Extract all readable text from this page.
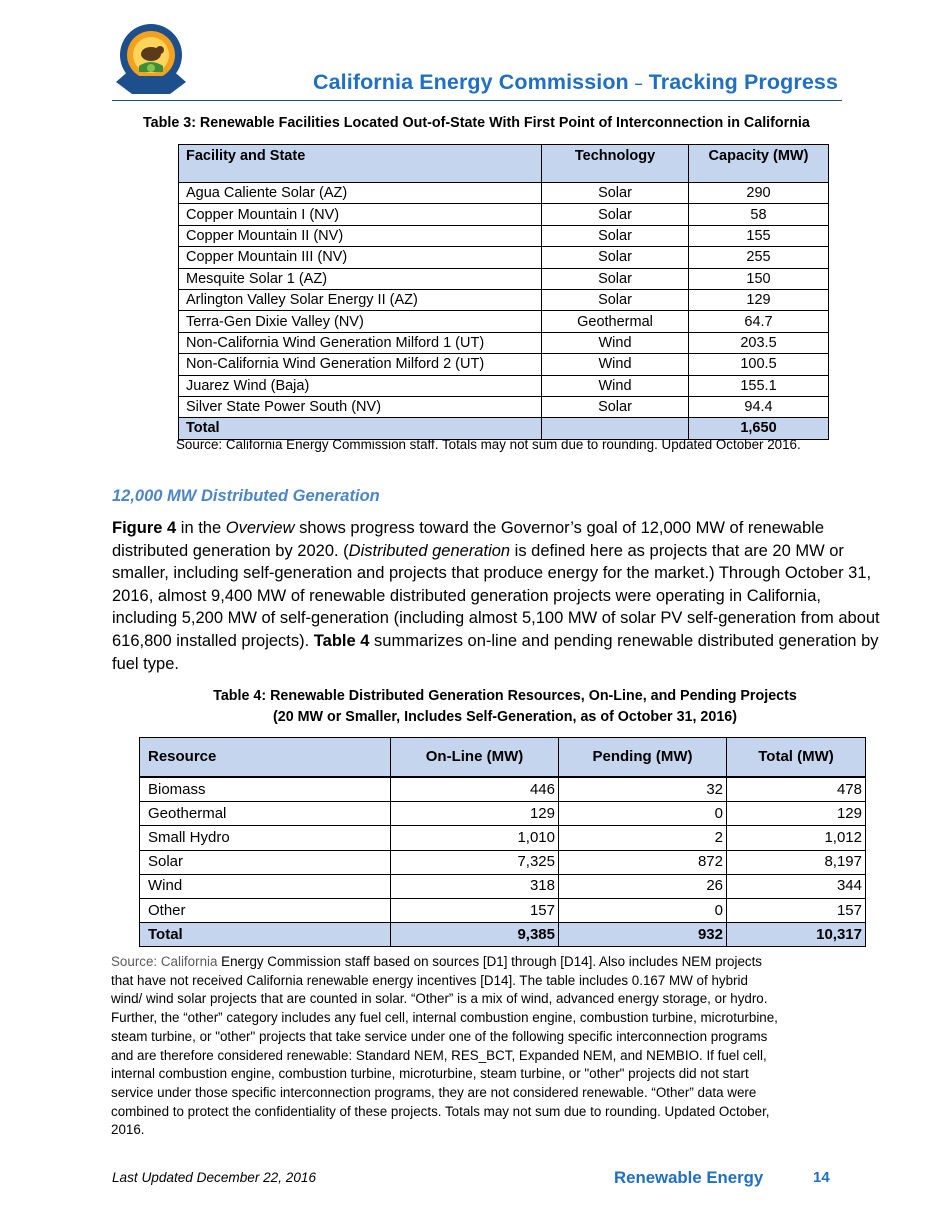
California Energy Commission – Tracking Progress
Table 3: Renewable Facilities Located Out-of-State With First Point of Interconnection in California
Facility and State	Technology	Capacity (MW)
Agua Caliente Solar (AZ)	Solar	290
Copper Mountain I (NV)	Solar	58
Copper Mountain II (NV)	Solar	155
Copper Mountain III (NV)	Solar	255
Mesquite Solar 1 (AZ)	Solar	150
Arlington Valley Solar Energy II (AZ)	Solar	129
Terra-Gen Dixie Valley (NV)	Geothermal	64.7
Non-California Wind Generation Milford 1 (UT)	Wind	203.5
Non-California Wind Generation Milford 2 (UT)	Wind	100.5
Juarez Wind (Baja)	Wind	155.1
Silver State Power South (NV)	Solar	94.4
Total		1,650
Source: California Energy Commission staff. Totals may not sum due to rounding. Updated October 2016.
12,000 MW Distributed Generation
Figure 4 in the Overview shows progress toward the Governor’s goal of 12,000 MW of renewable distributed generation by 2020. (Distributed generation is defined here as projects that are 20 MW or smaller, including self-generation and projects that produce energy for the market.) Through October 31, 2016, almost 9,400 MW of renewable distributed generation projects were operating in California, including 5,200 MW of self-generation (including almost 5,100 MW of solar PV self-generation from about 616,800 installed projects). Table 4 summarizes on-line and pending renewable distributed generation by fuel type.
Table 4: Renewable Distributed Generation Resources, On-Line, and Pending Projects
(20 MW or Smaller, Includes Self-Generation, as of October 31, 2016)
Resource	On-Line (MW)	Pending (MW)	Total (MW)
Biomass	446	32	478
Geothermal	129	0	129
Small Hydro	1,010	2	1,012
Solar	7,325	872	8,197
Wind	318	26	344
Other	157	0	157
Total	9,385	932	10,317
Source: California Energy Commission staff based on sources [D1] through [D14]. Also includes NEM projects that have not received California renewable energy incentives [D14]. The table includes 0.167 MW of hybrid wind/ wind solar projects that are counted in solar. “Other” is a mix of wind, advanced energy storage, or hydro. Further, the “other” category includes any fuel cell, internal combustion engine, combustion turbine, microturbine, steam turbine, or "other" projects that take service under one of the following specific interconnection programs and are therefore considered renewable: Standard NEM, RES_BCT, Expanded NEM, and NEMBIO. If fuel cell, internal combustion engine, combustion turbine, microturbine, steam turbine, or "other" projects did not start service under those specific interconnection programs, they are not considered renewable. “Other” data were combined to protect the confidentiality of these projects. Totals may not sum due to rounding. Updated October, 2016.
Last Updated December 22, 2016	Renewable Energy	14
